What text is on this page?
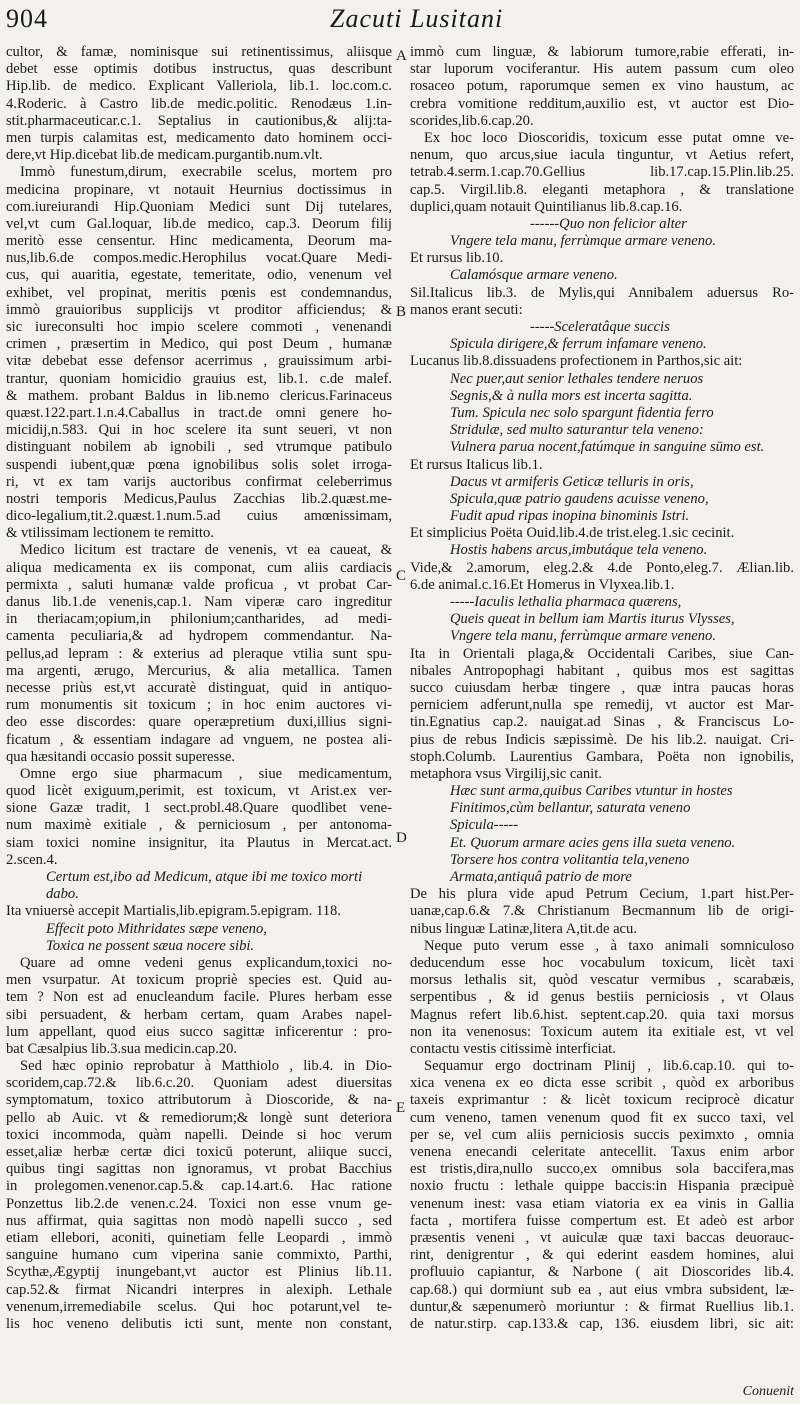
904	Zacuti Lusitani
cultor, & famæ, nominisque sui retinentissimus, aliisque
debet esse optimis dotibus instructus, quas describunt
Hip.lib. de medico. Explicant Valleriola, lib.1. loc.com.c.
4.Roderic. à Castro lib.de medic.politic. Renodæus 1.in-
stit.pharmaceuticar.c.1. Septalius in cautionibus,& alij:ta-
men turpis calamitas est, medicamento dato hominem occi-
dere,vt Hip.dicebat lib.de medicam.purgantib.num.vlt.
Immò funestum,dirum, execrabile scelus, mortem pro
medicina propinare, vt notauit Heurnius doctissimus in
com.iureiurandi Hip.Quoniam Medici sunt Dij tutelares,
vel,vt cum Gal.loquar, lib.de medico, cap.3. Deorum filij
meritò esse censentur. Hinc medicamenta, Deorum ma-
nus,lib.6.de compos.medic.Herophilus vocat.Quare Medi-
cus, qui auaritia, egestate, temeritate, odio, venenum vel
exhibet, vel propinat, meritis pœnis est condemnandus,
immò grauioribus supplicijs vt proditor afficiendus; &
sic iureconsulti hoc impio scelere commoti , venenandi
crimen , præsertim in Medico, qui post Deum , humanæ
vitæ debebat esse defensor acerrimus , grauissimum arbi-
trantur, quoniam homicidio grauius est, lib.1. c.de malef.
& mathem. probant Baldus in lib.nemo clericus.Farinaceus
quæst.122.part.1.n.4.Caballus in tract.de omni genere ho-
micidij,n.583. Qui in hoc scelere ita sunt seueri, vt non
distinguant nobilem ab ignobili , sed vtrumque patibulo
suspendi iubent,quæ pœna ignobilibus solis solet irroga-
ri, vt ex tam varijs auctoribus confirmat celeberrimus
nostri temporis Medicus,Paulus Zacchias lib.2.quæst.me-
dico-legalium,tit.2.quæst.1.num.5.ad cuius amœnissimam,
& vtilissimam lectionem te remitto.
Medico licitum est tractare de venenis, vt ea caueat, &
aliqua medicamenta ex iis componat, cum aliis cardiacis
permixta , saluti humanæ valde proficua , vt probat Car-
danus lib.1.de venenis,cap.1. Nam viperæ caro ingreditur
in theriacam;opium,in philonium;cantharides, ad medi-
camenta peculiaria,& ad hydropem commendantur. Na-
pellus,ad lepram : & exterius ad pleraque vtilia sunt spu-
ma argenti, ærugo, Mercurius, & alia metallica. Tamen
necesse priùs est,vt accuratè distinguat, quid in antiquo-
rum monumentis sit toxicum ; in hoc enim auctores vi-
deo esse discordes: quare operæpretium duxi,illius signi-
ficatum , & essentiam indagare ad vnguem, ne postea ali-
qua hæsitandi occasio possit superesse.
Omne ergo siue pharmacum , siue medicamentum,
quod licèt exiguum,perimit, est toxicum, vt Arist.ex ver-
sione Gazæ tradit, 1 sect.probl.48.Quare quodlibet vene-
num maximè exitiale , & perniciosum , per antonoma-
siam toxici nomine insignitur, ita Plautus in Mercat.act.
2.scen.4.
Certum est,ibo ad Medicum, atque ibi me toxico morti
dabo.
Ita vniuersè accepit Martialis,lib.epigram.5.epigram. 118.
Effecit poto Mithridates sæpe veneno,
Toxica ne possent sæua nocere sibi.
Quare ad omne vedeni genus explicandum,toxici no-
men vsurpatur. At toxicum propriè species est. Quid au-
tem ? Non est ad enucleandum facile. Plures herbam esse
sibi persuadent, & herbam certam, quam Arabes napel-
lum appellant, quod eius succo sagittæ inficerentur : pro-
bat Cæsalpius lib.3.sua medicin.cap.20.
Sed hæc opinio reprobatur à Matthiolo , lib.4. in Dio-
scoridem,cap.72.& lib.6.c.20. Quoniam adest diuersitas
symptomatum, toxico attributorum à Dioscoride, & na-
pello ab Auic. vt & remediorum;& longè sunt deteriora
toxici incommoda, quàm napelli. Deinde si hoc verum
esset,aliæ herbæ certæ dici toxicū poterunt, aliique succi,
quibus tingi sagittas non ignoramus, vt probat Bacchius
in prolegomen.venenor.cap.5.& cap.14.art.6. Hac ratione
Ponzettus lib.2.de venen.c.24. Toxici non esse vnum ge-
nus affirmat, quia sagittas non modò napelli succo , sed
etiam ellebori, aconiti, quinetiam felle Leopardi , immò
sanguine humano cum viperina sanie commixto, Parthi,
Scythæ,Ægyptij inungebant,vt auctor est Plinius lib.11.
cap.52.& firmat Nicandri interpres in alexiph. Lethale
venenum,irremediabile scelus. Qui hoc potarunt,vel te-
lis hoc veneno delibutis icti sunt, mente non constant,
immò cum linguæ, & labiorum tumore,rabie efferati, in-
star luporum vociferantur. His autem passum cum oleo
rosaceo potum, raporumque semen ex vino haustum, ac
crebra vomitione redditum,auxilio est, vt auctor est Dio-
scorides,lib.6.cap.20.
Ex hoc loco Dioscoridis, toxicum esse putat omne ve-
nenum, quo arcus,siue iacula tinguntur, vt Aetius refert,
tetrab.4.serm.1.cap.70.Gellius lib.17.cap.15.Plin.lib.25.
cap.5. Virgil.lib.8. eleganti metaphora , & translatione
duplici,quam notauit Quintilianus lib.8.cap.16.
------Quo non felicior alter
Vngere tela manu, ferrùmque armare veneno.
Et rursus lib.10.
Calamósque armare veneno.
Sil.Italicus lib.3. de Mylis,qui Annibalem aduersus Ro-
manos erant secuti:
-----Sceleratâque succis
Spicula dirigere,& ferrum infamare veneno.
Lucanus lib.8.dissuadens profectionem in Parthos,sic ait:
Nec puer,aut senior lethales tendere neruos
Segnis,& à nulla mors est incerta sagitta.
Tum. Spicula nec solo spargunt fidentia ferro
Stridulæ, sed multo saturantur tela veneno:
Vulnera parua nocent,fatúmque in sanguine sūmo est.
Et rursus Italicus lib.1.
Dacus vt armiferis Geticæ telluris in oris,
Spicula,quæ patrio gaudens acuisse veneno,
Fudit apud ripas inopina binominis Istri.
Et simplicius Poëta Ouid.lib.4.de trist.eleg.1.sic cecinit.
Hostis habens arcus,imbutáque tela veneno.
Vide,& 2.amorum, eleg.2.& 4.de Ponto,eleg.7. Ælian.lib.
6.de animal.c.16.Et Homerus in Vlyxea.lib.1.
-----Iaculis lethalia pharmaca quærens,
Queis queat in bellum iam Martis iturus Vlysses,
Vngere tela manu, ferrùmque armare veneno.
Ita in Orientali plaga,& Occidentali Caribes, siue Can-
nibales Antropophagi habitant , quibus mos est sagittas
succo cuiusdam herbæ tingere , quæ intra paucas horas
perniciem adferunt,nulla spe remedij, vt auctor est Mar-
tin.Egnatius cap.2. nauigat.ad Sinas , & Franciscus Lo-
pius de rebus Indicis sæpissimè. De his lib.2. nauigat. Cri-
stoph.Columb. Laurentius Gambara, Poëta non ignobilis,
metaphora vsus Virgilij,sic canit.
Hæc sunt arma,quibus Caribes vtuntur in hostes
Finitimos,cùm bellantur, saturata veneno
Spicula-----
Et. Quorum armare acies gens illa sueta veneno.
Torsere hos contra volitantia tela,veneno
Armata,antiquâ patrio de more
De his plura vide apud Petrum Cecium, 1.part hist.Per-
uanæ,cap.6.& 7.& Christianum Becmannum lib de origi-
nibus linguæ Latinæ,litera A,tit.de acu.
Neque puto verum esse , à taxo animali somniculoso
deducendum esse hoc vocabulum toxicum, licèt taxi
morsus lethalis sit, quòd vescatur vermibus , scarabæis,
serpentibus , & id genus bestiis perniciosis , vt Olaus
Magnus refert lib.6.hist. septent.cap.20. quia taxi morsus
non ita venenosus: Toxicum autem ita exitiale est, vt vel
contactu vestis citissimè interficiat.
Sequamur ergo doctrinam Plinij , lib.6.cap.10. qui to-
xica venena ex eo dicta esse scribit , quòd ex arboribus
taxeis exprimantur : & licèt toxicum reciprocè dicatur
cum veneno, tamen venenum quod fit ex succo taxi, vel
per se, vel cum aliis perniciosis succis peximxto , omnia
venena enecandi celeritate antecellit. Taxus enim arbor
est tristis,dira,nullo succo,ex omnibus sola baccifera,mas
noxio fructu : lethale quippe baccis:in Hispania præcipuè
venenum inest: vasa etiam viatoria ex ea vinis in Gallia
facta , mortifera fuisse compertum est. Et adeò est arbor
præsentis veneni , vt auiculæ quæ taxi baccas deuorauc-
rint, denigrentur , & qui ederint easdem homines, alui
profluuio capiantur, & Narbone ( ait Dioscorides lib.4.
cap.68.) qui dormiunt sub ea , aut eius vmbra subsident, læ-
duntur,& sæpenumerò moriuntur : & firmat Ruellius lib.1.
de natur.stirp. cap.133.& cap, 136. eiusdem libri, sic ait:
A
B
C
D
E
Conuenit
